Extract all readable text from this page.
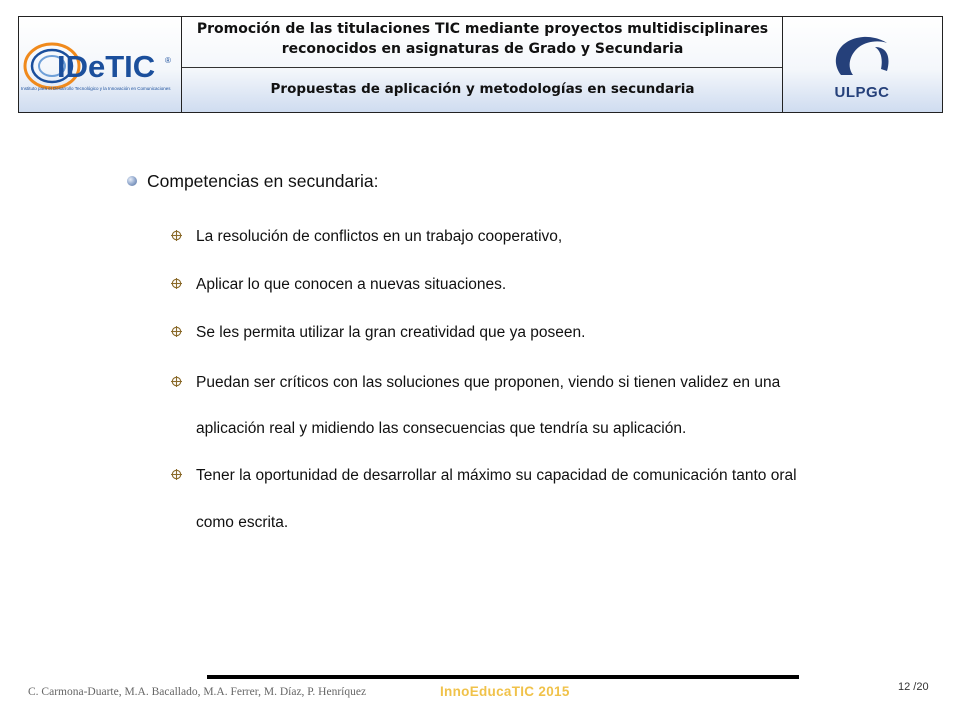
IDeTIC ®
Instituto para el Desarrollo Tecnológico y la Innovación en Comunicaciones
Promoción de las titulaciones TIC mediante proyectos multidisciplinares
reconocidos en asignaturas de Grado y Secundaria
Propuestas de aplicación y metodologías en secundaria	ULPGC
Competencias en secundaria:
La resolución de conflictos en un trabajo cooperativo,
Aplicar lo que conocen a nuevas situaciones.
Se les permita utilizar la gran creatividad que ya poseen.
Puedan ser críticos con las soluciones que proponen, viendo si tienen validez en una
aplicación real y midiendo las consecuencias que tendría su aplicación.
Tener la oportunidad de desarrollar al máximo su capacidad de comunicación tanto oral
como escrita.
C. Carmona-Duarte, M.A. Bacallado, M.A. Ferrer, M. Díaz, P. Henríquez	InnoEducaTIC 2015	12 /20
